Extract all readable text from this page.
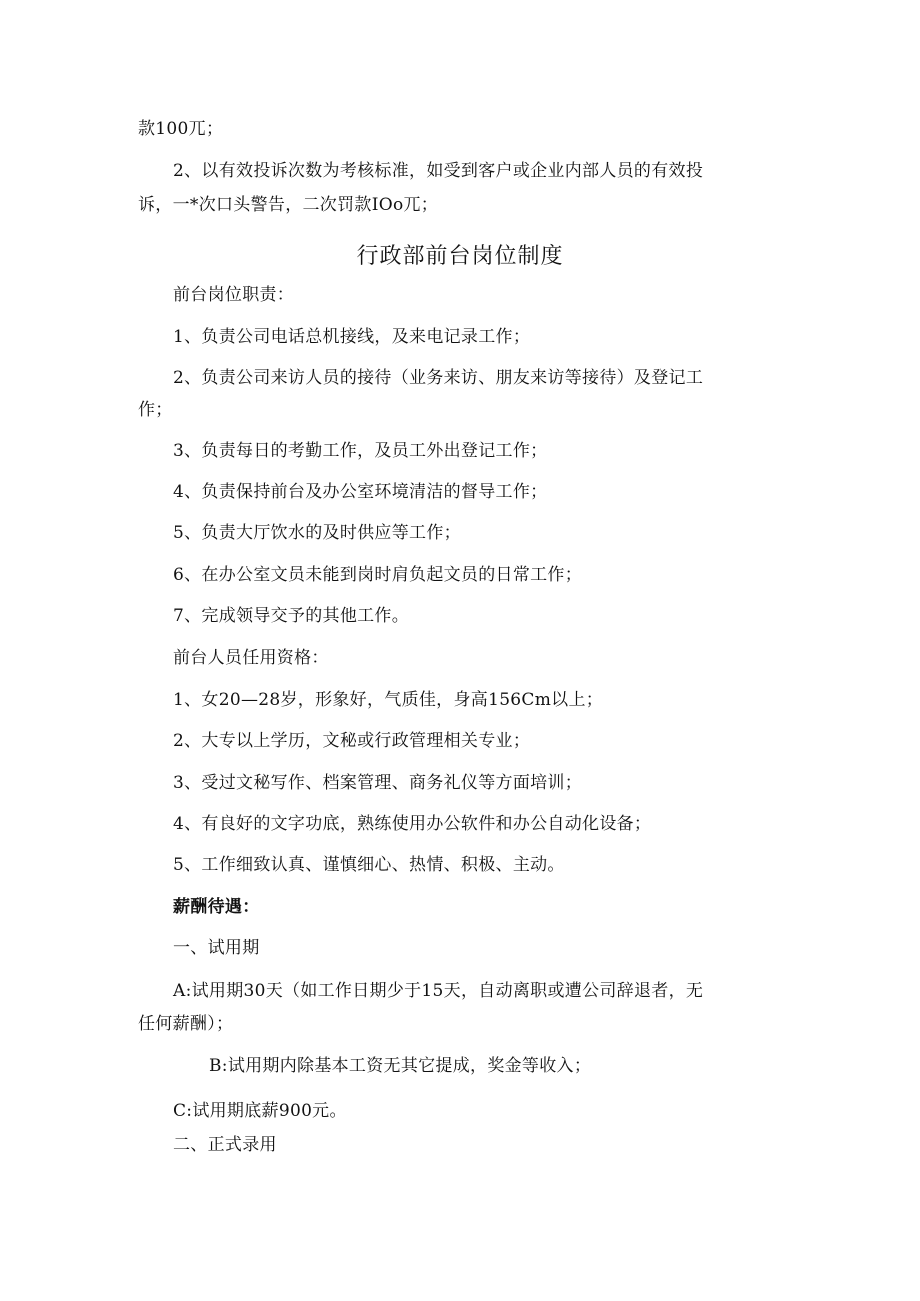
款100兀；
2、以有效投诉次数为考核标准，如受到客户或企业内部人员的有效投
诉，一*次口头警告，二次罚款IOo兀；
行政部前台岗位制度
前台岗位职责：
1、负责公司电话总机接线，及来电记录工作；
2、负责公司来访人员的接待（业务来访、朋友来访等接待）及登记工
作；
3、负责每日的考勤工作，及员工外出登记工作；
4、负责保持前台及办公室环境清洁的督导工作；
5、负责大厅饮水的及时供应等工作；
6、在办公室文员未能到岗时肩负起文员的日常工作；
7、完成领导交予的其他工作。
前台人员任用资格：
1、女20—28岁，形象好，气质佳，身高156Cm以上；
2、大专以上学历，文秘或行政管理相关专业；
3、受过文秘写作、档案管理、商务礼仪等方面培训；
4、有良好的文字功底，熟练使用办公软件和办公自动化设备；
5、工作细致认真、谨慎细心、热情、积极、主动。
薪酬待遇：
一、试用期
A:试用期30天（如工作日期少于15天，自动离职或遭公司辞退者，无
任何薪酬）；
B:试用期内除基本工资无其它提成，奖金等收入；
C:试用期底薪900元。
二、正式录用
